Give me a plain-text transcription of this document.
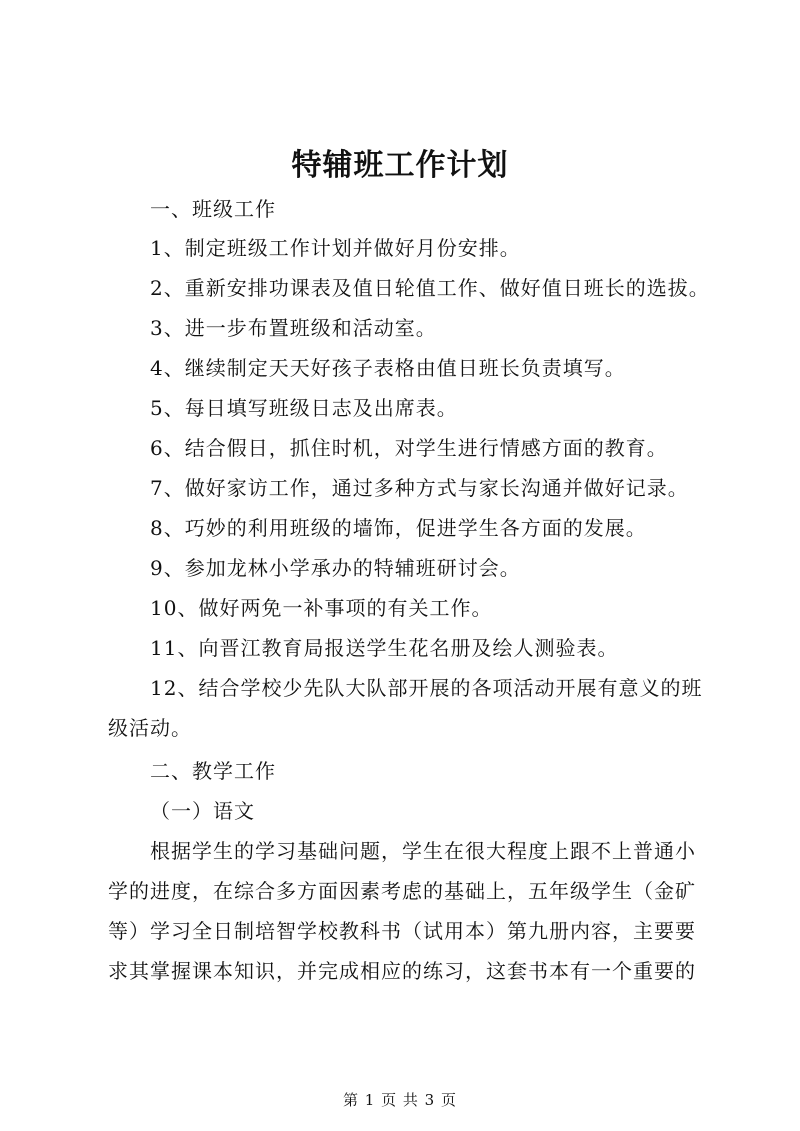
特辅班工作计划
一、班级工作
1、制定班级工作计划并做好月份安排。
2、重新安排功课表及值日轮值工作、做好值日班长的选拔。
3、进一步布置班级和活动室。
4、继续制定天天好孩子表格由值日班长负责填写。
5、每日填写班级日志及出席表。
6、结合假日，抓住时机，对学生进行情感方面的教育。
7、做好家访工作，通过多种方式与家长沟通并做好记录。
8、巧妙的利用班级的墙饰，促进学生各方面的发展。
9、参加龙林小学承办的特辅班研讨会。
10、做好两免一补事项的有关工作。
11、向晋江教育局报送学生花名册及绘人测验表。
12、结合学校少先队大队部开展的各项活动开展有意义的班
级活动。
二、教学工作
（一）语文
根据学生的学习基础问题，学生在很大程度上跟不上普通小
学的进度，在综合多方面因素考虑的基础上，五年级学生（金矿
等）学习全日制培智学校教科书（试用本）第九册内容，主要要
求其掌握课本知识，并完成相应的练习，这套书本有一个重要的
第 1 页 共 3 页
